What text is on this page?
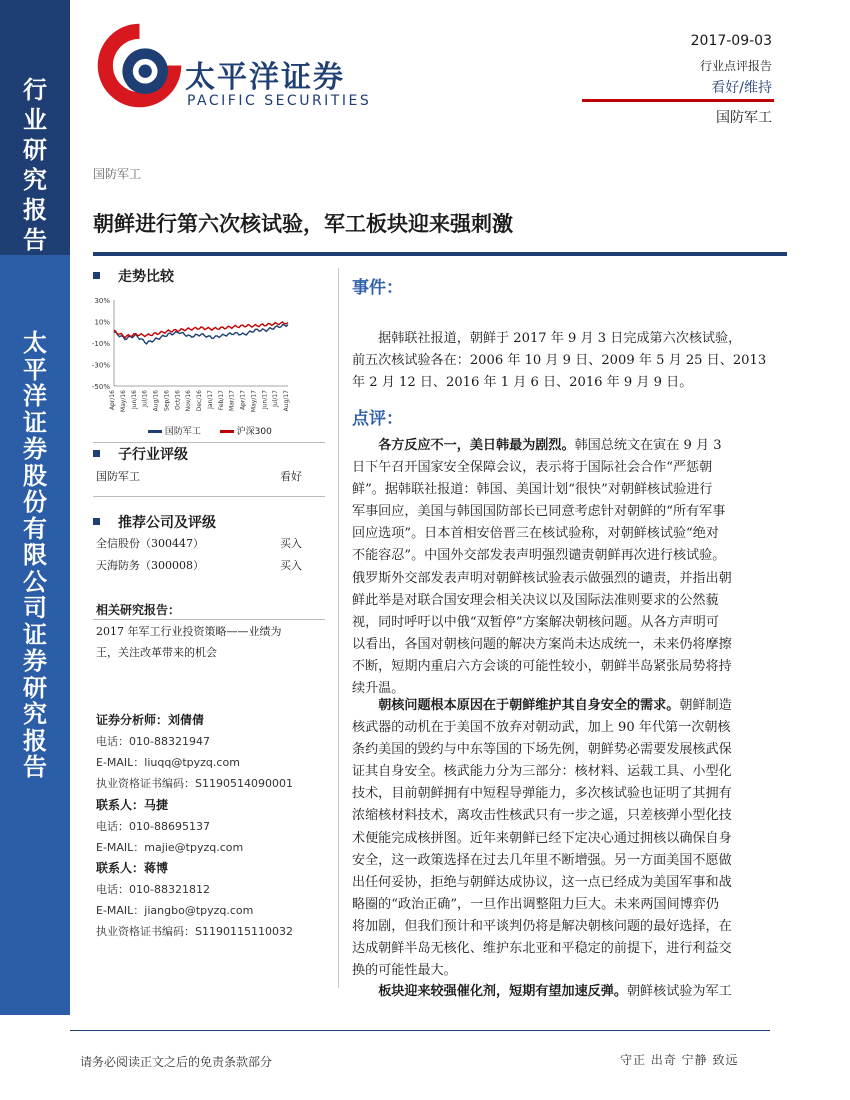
行
业
研
究
报
告
太
平
洋
证
券
股
份
有
限
公
司
证
券
研
究
报
告
太平洋证券
PACIFIC SECURITIES
2017-09-03
行业点评报告
看好/维持
国防军工
国防军工
朝鲜进行第六次核试验，军工板块迎来强刺激
走势比较
30%
10%
-10%
-30%
-50%
Apr/16 May/16 Jun/16 Jul/16 Aug/16 Sep/16 Oct/16 Nov/16 Dec/16 Jan/17 Feb/17 Mar/17 Apr/17 May/17 Jun/17 Jul/17 Aug/17
国防军工	沪深300
子行业评级
国防军工	看好
推荐公司及评级
全信股份（300447）	买入
天海防务（300008）	买入
相关研究报告：
2017 年军工行业投资策略——业绩为
王，关注改革带来的机会
证券分析师：刘倩倩
电话：010-88321947
E-MAIL：liuqq@tpyzq.com
执业资格证书编码：S1190514090001
联系人：马捷
电话：010-88695137
E-MAIL：majie@tpyzq.com
联系人：蒋博
电话：010-88321812
E-MAIL：jiangbo@tpyzq.com
执业资格证书编码：S1190115110032
事件：
　　据韩联社报道，朝鲜于 2017 年 9 月 3 日完成第六次核试验，
前五次核试验各在：2006 年 10 月 9 日、2009 年 5 月 25 日、2013
年 2 月 12 日、2016 年 1 月 6 日、2016 年 9 月 9 日。
点评：
　　各方反应不一，美日韩最为剧烈。韩国总统文在寅在 9 月 3
日下午召开国家安全保障会议，表示将于国际社会合作“严惩朝
鲜”。据韩联社报道：韩国、美国计划“很快”对朝鲜核试验进行
军事回应，美国与韩国国防部长已同意考虑针对朝鲜的“所有军事
回应选项”。日本首相安倍晋三在核试验称，对朝鲜核试验“绝对
不能容忍”。中国外交部发表声明强烈谴责朝鲜再次进行核试验。
俄罗斯外交部发表声明对朝鲜核试验表示做强烈的谴责，并指出朝
鲜此举是对联合国安理会相关决议以及国际法准则要求的公然藐
视，同时呼吁以中俄“双暂停”方案解决朝核问题。从各方声明可
以看出，各国对朝核问题的解决方案尚未达成统一，未来仍将摩擦
不断，短期内重启六方会谈的可能性较小，朝鲜半岛紧张局势将持
续升温。
　　朝核问题根本原因在于朝鲜维护其自身安全的需求。朝鲜制造
核武器的动机在于美国不放弃对朝动武，加上 90 年代第一次朝核
条约美国的毁约与中东等国的下场先例，朝鲜势必需要发展核武保
证其自身安全。核武能力分为三部分：核材料、运载工具、小型化
技术，目前朝鲜拥有中短程导弹能力，多次核试验也证明了其拥有
浓缩核材料技术，离攻击性核武只有一步之遥，只差核弹小型化技
术便能完成核拼图。近年来朝鲜已经下定决心通过拥核以确保自身
安全，这一政策选择在过去几年里不断增强。另一方面美国不愿做
出任何妥协，拒绝与朝鲜达成协议，这一点已经成为美国军事和战
略圈的“政治正确”，一旦作出调整阻力巨大。未来两国间博弈仍
将加剧，但我们预计和平谈判仍将是解决朝核问题的最好选择，在
达成朝鲜半岛无核化、维护东北亚和平稳定的前提下，进行利益交
换的可能性最大。
　　板块迎来较强催化剂，短期有望加速反弹。朝鲜核试验为军工
请务必阅读正文之后的免责条款部分	守正 出奇 宁静 致远
